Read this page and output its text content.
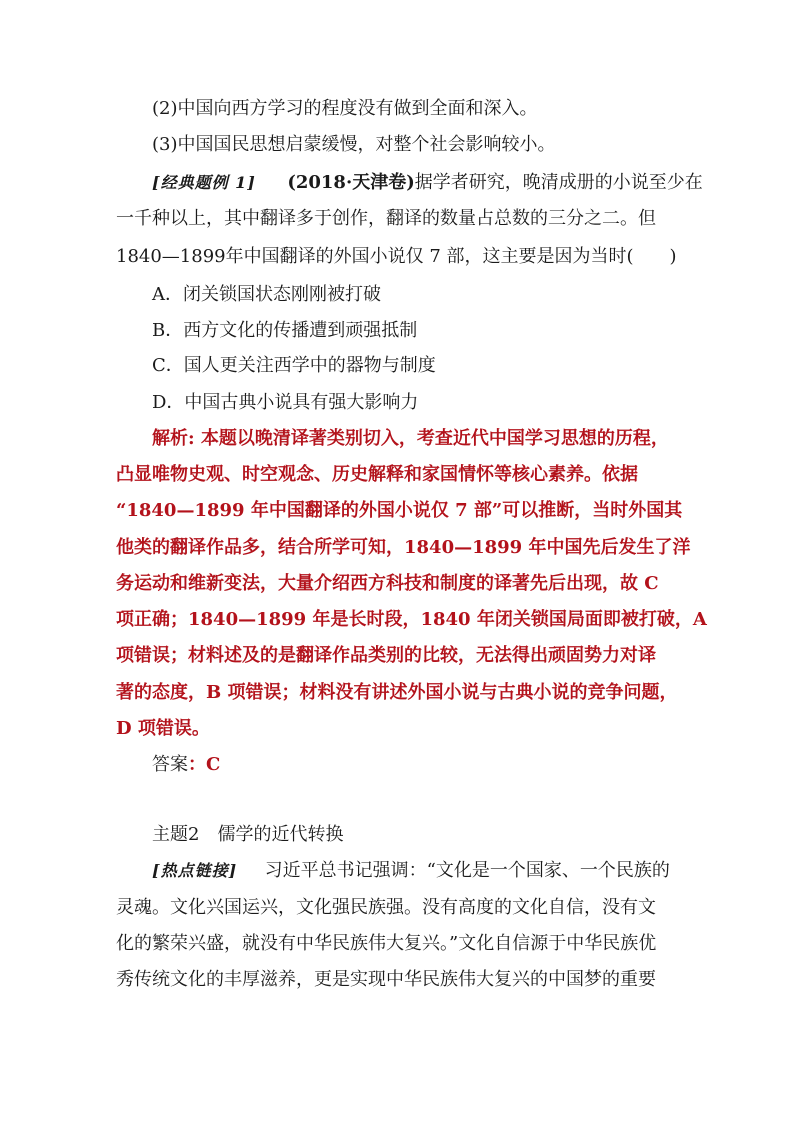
(2)中国向西方学习的程度没有做到全面和深入。
(3)中国国民思想启蒙缓慢，对整个社会影响较小。
[经典题例 1] (2018·天津卷)据学者研究，晚清成册的小说至少在
一千种以上，其中翻译多于创作，翻译的数量占总数的三分之二。但
1840—1899年中国翻译的外国小说仅 7 部，这主要是因为当时(　　)
A．闭关锁国状态刚刚被打破
B．西方文化的传播遭到顽强抵制
C．国人更关注西学中的器物与制度
D．中国古典小说具有强大影响力
解析: 本题以晚清译著类别切入，考查近代中国学习思想的历程，
凸显唯物史观、时空观念、历史解释和家国情怀等核心素养。依据
“1840—1899 年中国翻译的外国小说仅 7 部”可以推断，当时外国其
他类的翻译作品多，结合所学可知，1840—1899 年中国先后发生了洋
务运动和维新变法，大量介绍西方科技和制度的译著先后出现，故 C
项正确；1840—1899 年是长时段，1840 年闭关锁国局面即被打破，A
项错误；材料述及的是翻译作品类别的比较，无法得出顽固势力对译
著的态度，B 项错误；材料没有讲述外国小说与古典小说的竞争问题，
D 项错误。
答案：C
主题2　儒学的近代转换
[热点链接] 习近平总书记强调：“文化是一个国家、一个民族的
灵魂。文化兴国运兴，文化强民族强。没有高度的文化自信，没有文
化的繁荣兴盛，就没有中华民族伟大复兴。”文化自信源于中华民族优
秀传统文化的丰厚滋养，更是实现中华民族伟大复兴的中国梦的重要
